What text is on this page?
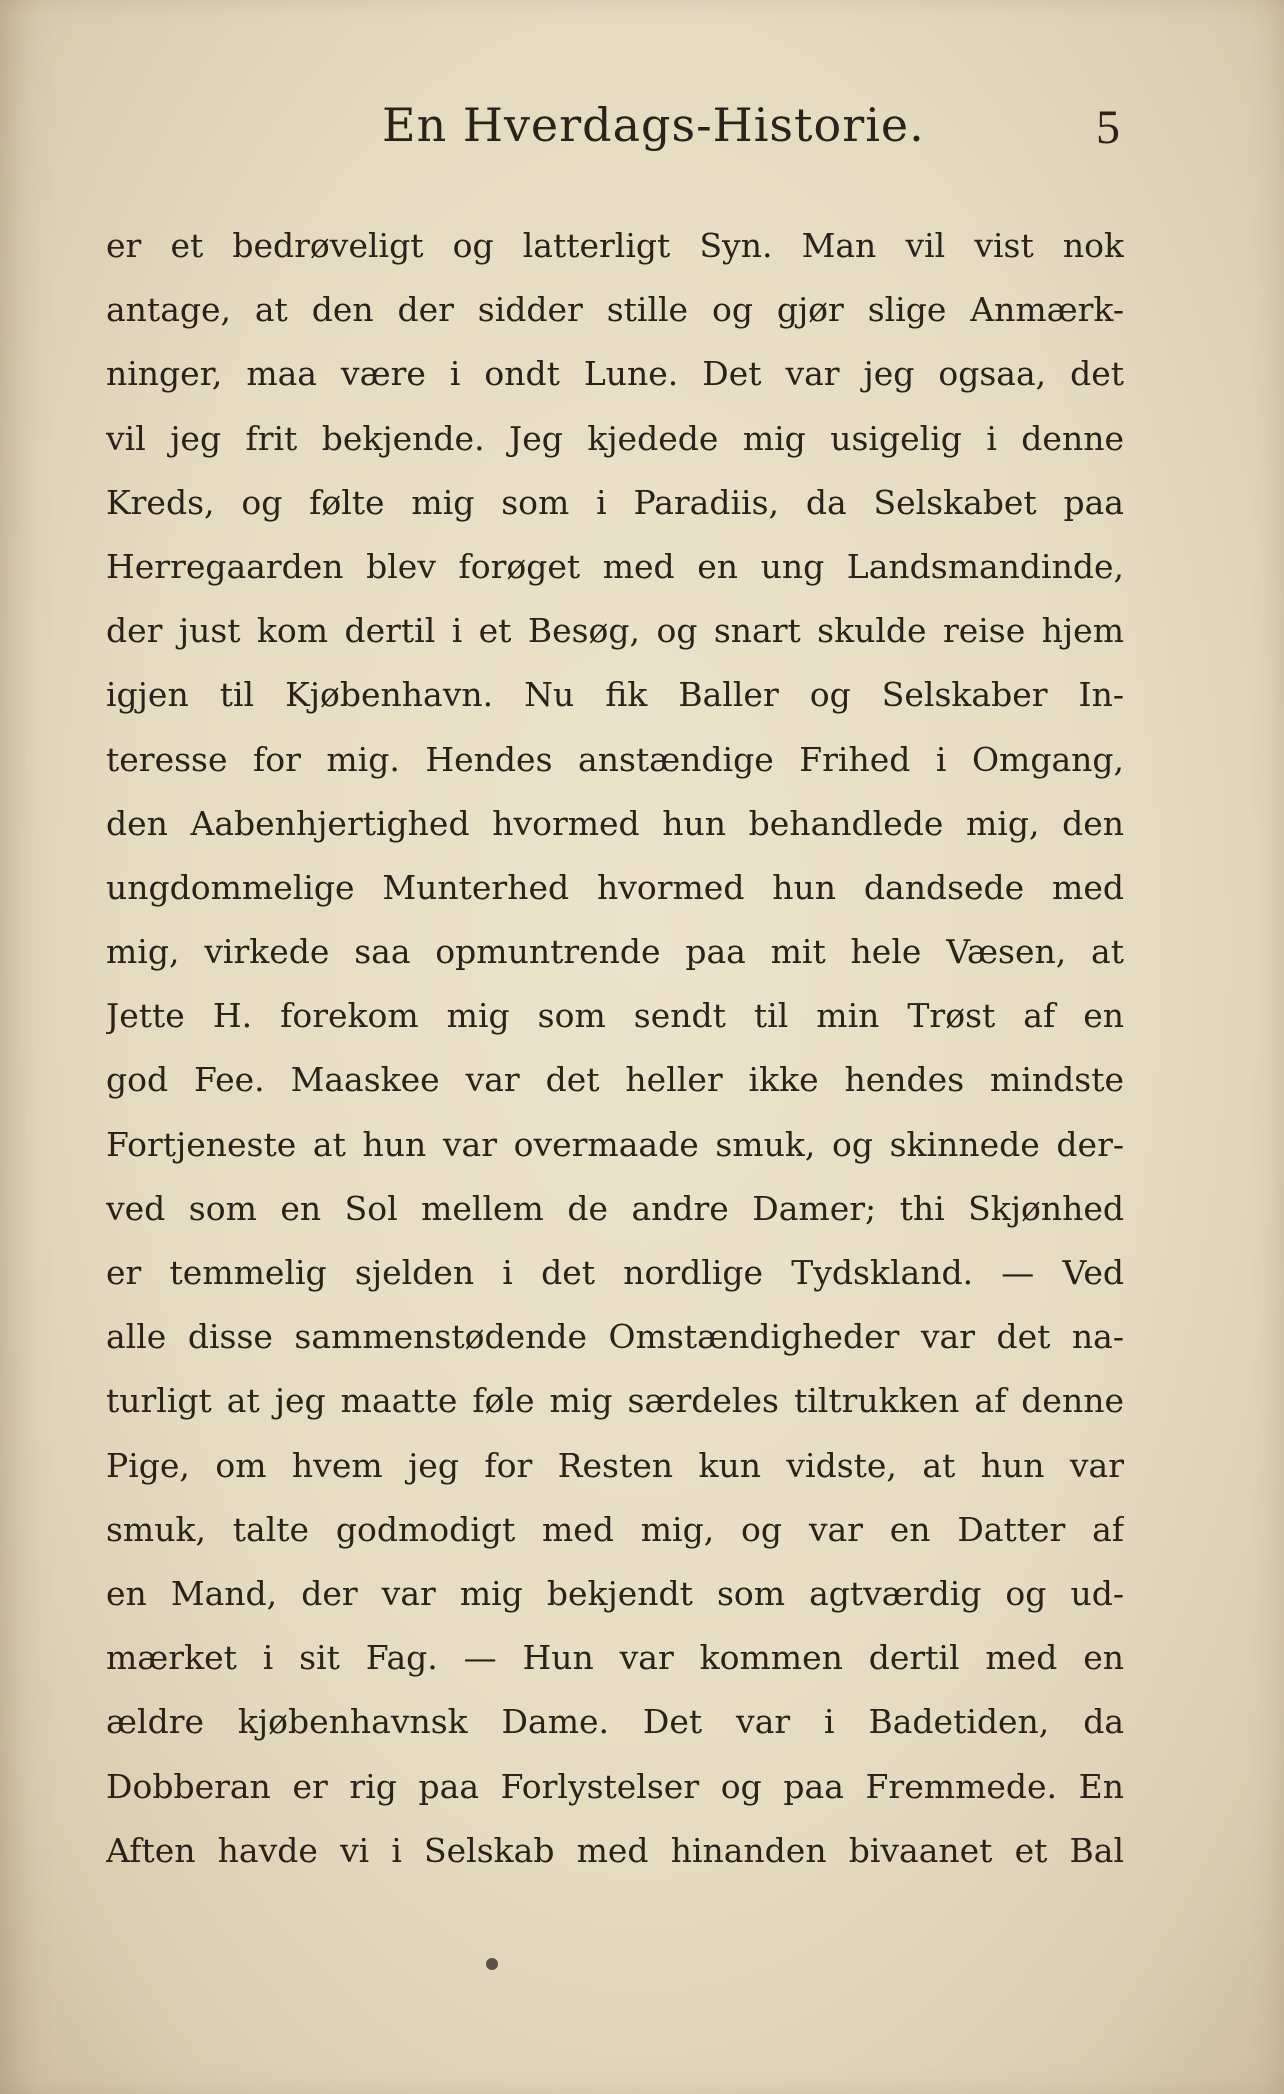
En Hverdags-Historie.	5
er et bedrøveligt og latterligt Syn. Man vil vist nok
antage, at den der sidder stille og gjør slige Anmærk-
ninger, maa være i ondt Lune. Det var jeg ogsaa, det
vil jeg frit bekjende. Jeg kjedede mig usigelig i denne
Kreds, og følte mig som i Paradiis, da Selskabet paa
Herregaarden blev forøget med en ung Landsmandinde,
der just kom dertil i et Besøg, og snart skulde reise hjem
igjen til Kjøbenhavn. Nu fik Baller og Selskaber In-
teresse for mig. Hendes anstændige Frihed i Omgang,
den Aabenhjertighed hvormed hun behandlede mig, den
ungdommelige Munterhed hvormed hun dandsede med
mig, virkede saa opmuntrende paa mit hele Væsen, at
Jette H. forekom mig som sendt til min Trøst af en
god Fee. Maaskee var det heller ikke hendes mindste
Fortjeneste at hun var overmaade smuk, og skinnede der-
ved som en Sol mellem de andre Damer; thi Skjønhed
er temmelig sjelden i det nordlige Tydskland. — Ved
alle disse sammenstødende Omstændigheder var det na-
turligt at jeg maatte føle mig særdeles tiltrukken af denne
Pige, om hvem jeg for Resten kun vidste, at hun var
smuk, talte godmodigt med mig, og var en Datter af
en Mand, der var mig bekjendt som agtværdig og ud-
mærket i sit Fag. — Hun var kommen dertil med en
ældre kjøbenhavnsk Dame. Det var i Badetiden, da
Dobberan er rig paa Forlystelser og paa Fremmede. En
Aften havde vi i Selskab med hinanden bivaanet et Bal
